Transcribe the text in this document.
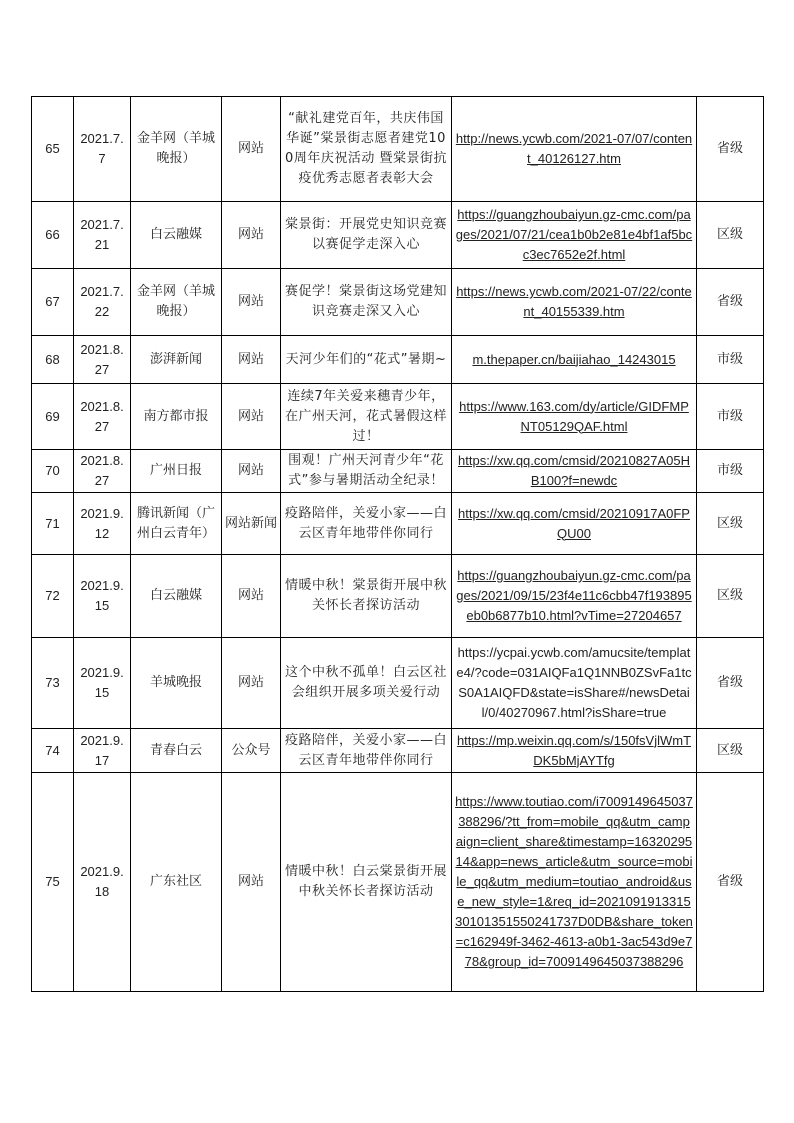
65	2021.7.7	金羊网（羊城晚报）	网站	“献礼建党百年，共庆伟国华诞”棠景街志愿者建党100周年庆祝活动 暨棠景街抗疫优秀志愿者表彰大会	http://news.ycwb.com/2021-07/07/content_40126127.htm	省级
66	2021.7.21	白云融媒	网站	棠景街：开展党史知识竞赛以赛促学走深入心	https://guangzhoubaiyun.gz-cmc.com/pages/2021/07/21/cea1b0b2e81e4bf1af5bcc3ec7652e2f.html	区级
67	2021.7.22	金羊网（羊城晚报）	网站	赛促学！棠景街这场党建知识竞赛走深又入心	https://news.ycwb.com/2021-07/22/content_40155339.htm	省级
68	2021.8.27	澎湃新闻	网站	天河少年们的“花式”暑期~	m.thepaper.cn/baijiahao_14243015	市级
69	2021.8.27	南方都市报	网站	连续7年关爱来穗青少年，在广州天河，花式暑假这样过！	https://www.163.com/dy/article/GIDFMPNT05129QAF.html	市级
70	2021.8.27	广州日报	网站	围观！广州天河青少年“花式”参与暑期活动全纪录！	https://xw.qq.com/cmsid/20210827A05HB100?f=newdc	市级
71	2021.9.12	腾讯新闻（广州白云青年）	网站新闻	疫路陪伴，关爱小家——白云区青年地带伴你同行	https://xw.qq.com/cmsid/20210917A0FPQU00	区级
72	2021.9.15	白云融媒	网站	情暖中秋！棠景街开展中秋关怀长者探访活动	https://guangzhoubaiyun.gz-cmc.com/pages/2021/09/15/23f4e11c6cbb47f193895eb0b6877b10.html?vTime=27204657	区级
73	2021.9.15	羊城晚报	网站	这个中秋不孤单！白云区社会组织开展多项关爱行动	https://ycpai.ycwb.com/amucsite/template4/?code=031AIQFa1Q1NNB0ZSvFa1tcS0A1AIQFD&state=isShare#/newsDetail/0/40270967.html?isShare=true	省级
74	2021.9.17	青春白云	公众号	疫路陪伴，关爱小家——白云区青年地带伴你同行	https://mp.weixin.qq.com/s/150fsVjlWmTDK5bMjAYTfg	区级
75	2021.9.18	广东社区	网站	情暖中秋！白云棠景街开展中秋关怀长者探访活动	https://www.toutiao.com/i7009149645037388296/?tt_from=mobile_qq&utm_campaign=client_share&timestamp=1632029514&app=news_article&utm_source=mobile_qq&utm_medium=toutiao_android&use_new_style=1&req_id=202109191331530101351550241737D0DB&share_token=c162949f-3462-4613-a0b1-3ac543d9e778&group_id=7009149645037388296	省级
